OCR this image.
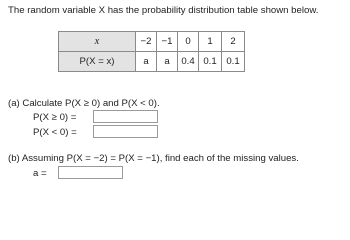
The random variable X has the probability distribution table shown below.
x	−2	−1	0	1	2
P(X = x)	a	a	0.4	0.1	0.1
(a) Calculate P(X ≥ 0) and P(X < 0).
P(X ≥ 0) =
P(X < 0) =
(b) Assuming P(X = −2) = P(X = −1), find each of the missing values.
a =
